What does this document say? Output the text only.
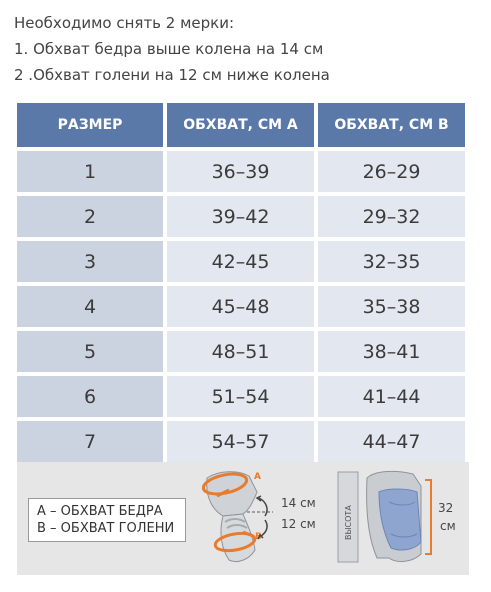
Необходимо снять 2 мерки:
1. Обхват бедра выше колена на 14 см
2 .Обхват голени на 12 см ниже колена
РАЗМЕР	ОБХВАТ, СМ А	ОБХВАТ, СМ В
1	36–39	26–29
2	39–42	29–32
3	42–45	32–35
4	45–48	35–38
5	48–51	38–41
6	51–54	41–44
7	54–57	44–47
А – ОБХВАТ БЕДРА
В – ОБХВАТ ГОЛЕНИ
А
B
14 см
12 см	ВЫСОТА	32
см
